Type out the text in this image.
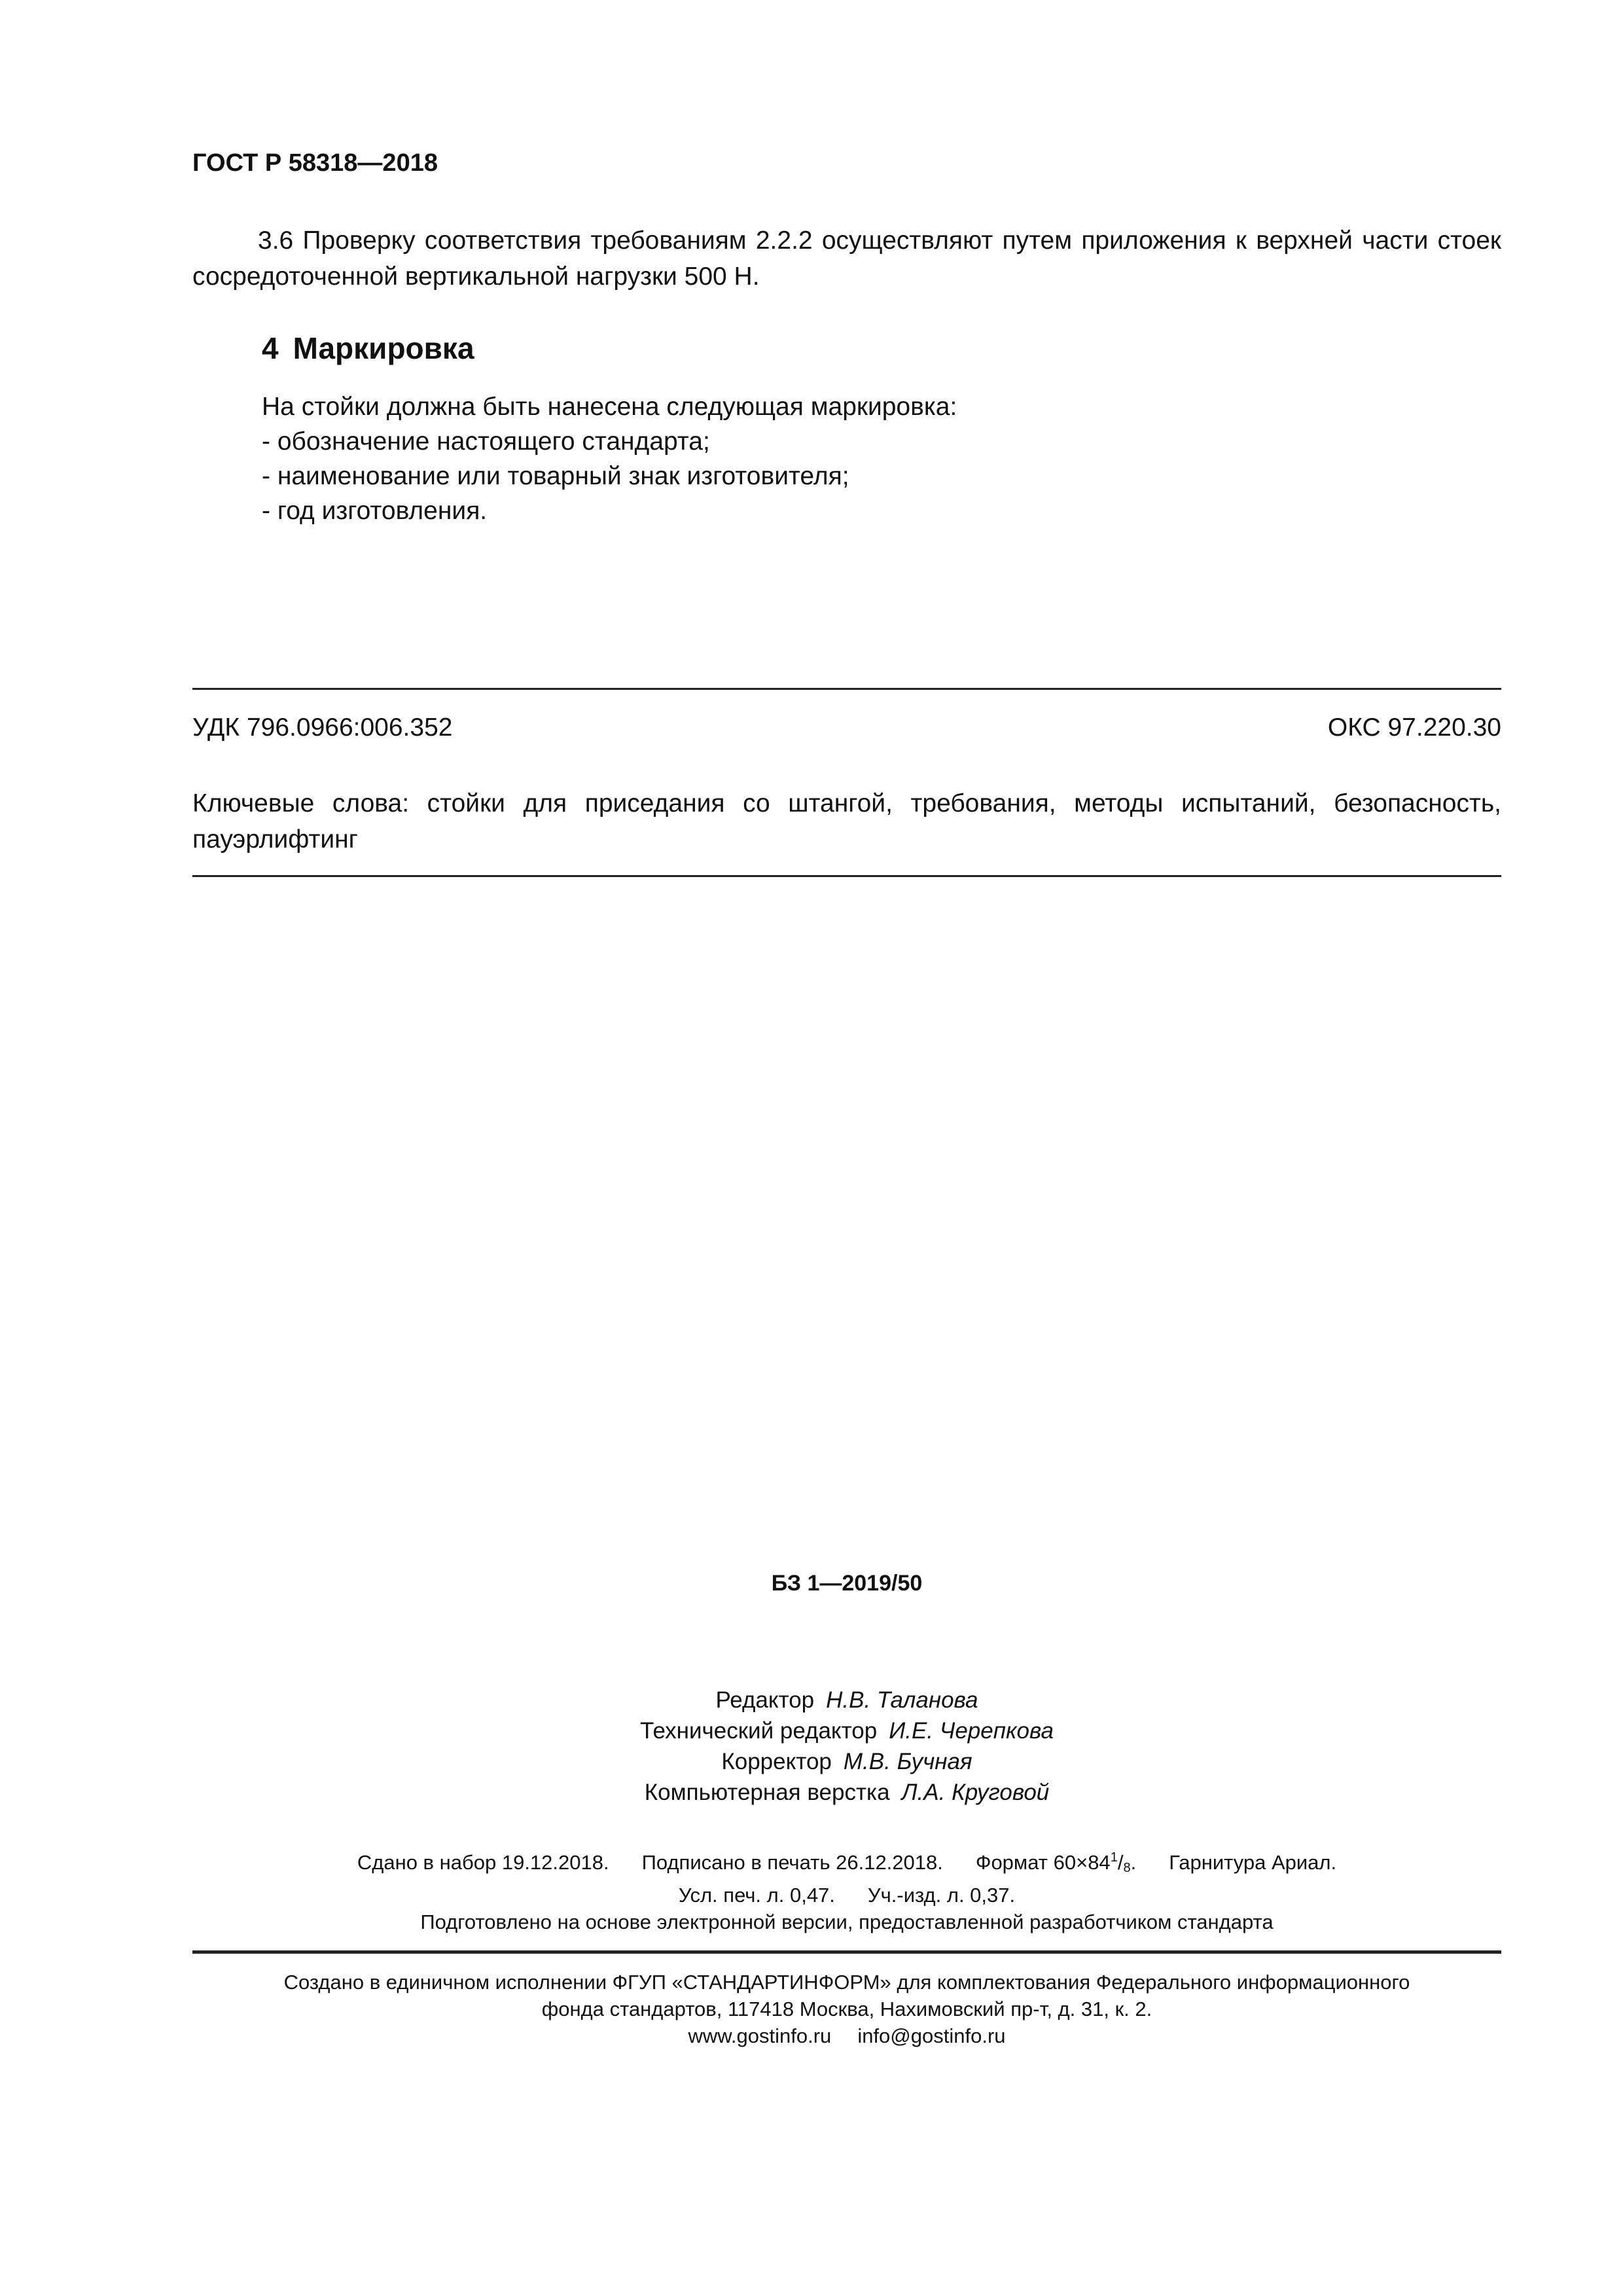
ГОСТ Р 58318—2018
3.6 Проверку соответствия требованиям 2.2.2 осуществляют путем приложения к верхней части стоек сосредоточенной вертикальной нагрузки 500 Н.
4 Маркировка
На стойки должна быть нанесена следующая маркировка:
- обозначение настоящего стандарта;
- наименование или товарный знак изготовителя;
- год изготовления.
УДК 796.0966:006.352	ОКС 97.220.30
Ключевые слова: стойки для приседания со штангой, требования, методы испытаний, безопасность, пауэрлифтинг
БЗ 1—2019/50
Редактор Н.В. Таланова
Технический редактор И.Е. Черепкова
Корректор М.В. Бучная
Компьютерная верстка Л.А. Круговой
Сдано в набор 19.12.2018. Подписано в печать 26.12.2018. Формат $60\times 84^1/_8$. Гарнитура Ариал.
Усл. печ. л. 0,47. Уч.-изд. л. 0,37.
Подготовлено на основе электронной версии, предоставленной разработчиком стандарта
Создано в единичном исполнении ФГУП «СТАНДАРТИНФОРМ» для комплектования Федерального информационного
фонда стандартов, 117418 Москва, Нахимовский пр-т, д. 31, к. 2.
www.gostinfo.ru info@gostinfo.ru
